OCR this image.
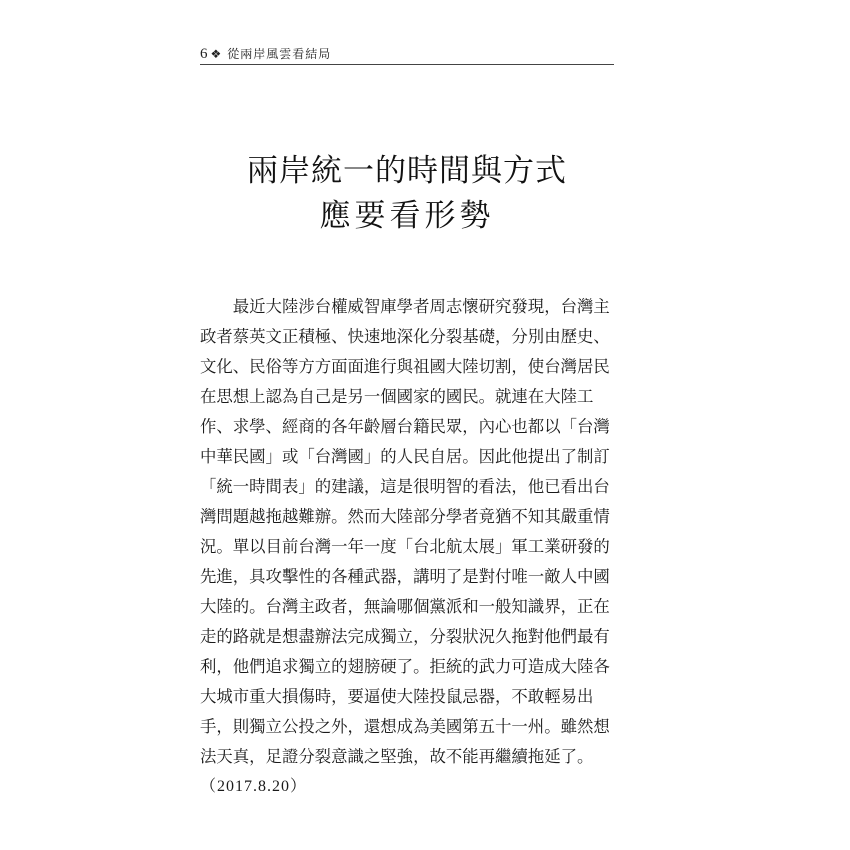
6 ❖ 從兩岸風雲看結局
兩岸統一的時間與方式
應要看形勢
　　最近大陸涉台權威智庫學者周志懷研究發現，台灣主
政者蔡英文正積極、快速地深化分裂基礎，分別由歷史、
文化、民俗等方方面面進行與祖國大陸切割，使台灣居民
在思想上認為自己是另一個國家的國民。就連在大陸工
作、求學、經商的各年齡層台籍民眾，內心也都以「台灣
中華民國」或「台灣國」的人民自居。因此他提出了制訂
「統一時間表」的建議，這是很明智的看法，他已看出台
灣問題越拖越難辦。然而大陸部分學者竟猶不知其嚴重情
況。單以目前台灣一年一度「台北航太展」軍工業研發的
先進，具攻擊性的各種武器，講明了是對付唯一敵人中國
大陸的。台灣主政者，無論哪個黨派和一般知識界，正在
走的路就是想盡辦法完成獨立，分裂狀況久拖對他們最有
利，他們追求獨立的翅膀硬了。拒統的武力可造成大陸各
大城市重大損傷時，要逼使大陸投鼠忌器，不敢輕易出
手，則獨立公投之外，還想成為美國第五十一州。雖然想
法天真，足證分裂意識之堅強，故不能再繼續拖延了。
（2017.8.20）
